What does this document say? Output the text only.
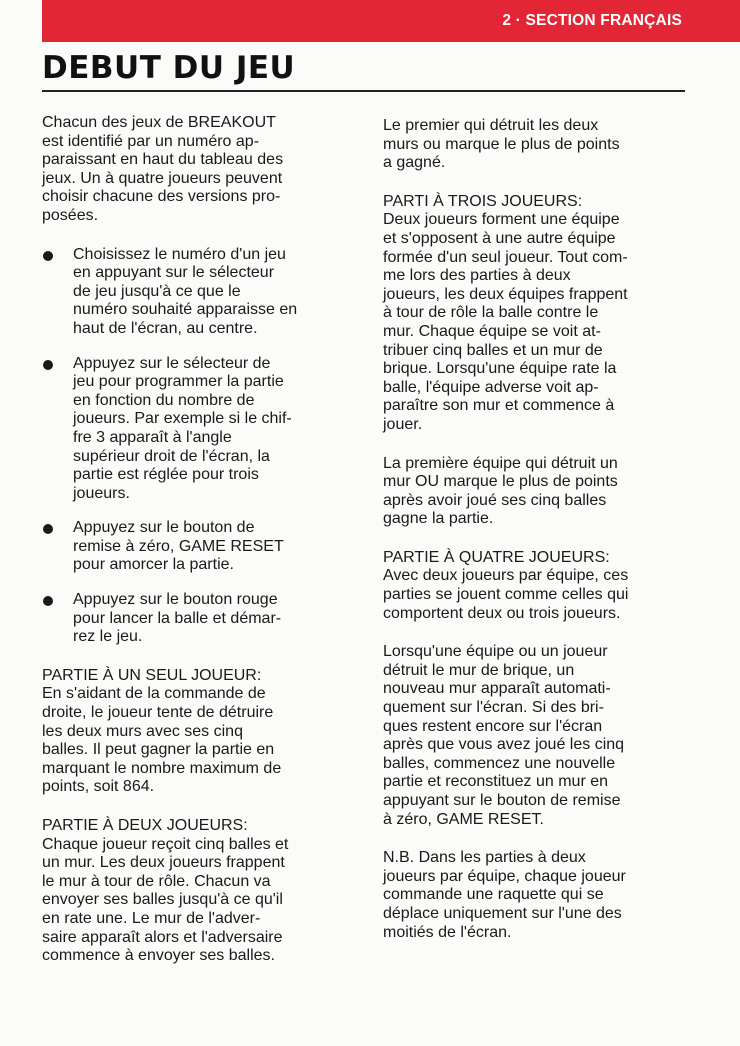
2 · SECTION FRANÇAIS
DEBUT DU JEU

Chacun des jeux de BREAKOUT
est identifié par un numéro ap-
paraissant en haut du tableau des
jeux. Un à quatre joueurs peuvent
choisir chacune des versions pro-
posées.

Choisissez le numéro d'un jeu
en appuyant sur le sélecteur
de jeu jusqu'à ce que le
numéro souhaité apparaisse en
haut de l'écran, au centre.
Appuyez sur le sélecteur de
jeu pour programmer la partie
en fonction du nombre de
joueurs. Par exemple si le chif-
fre 3 apparaît à l'angle
supérieur droit de l'écran, la
partie est réglée pour trois
joueurs.
Appuyez sur le bouton de
remise à zéro, GAME RESET
pour amorcer la partie.
Appuyez sur le bouton rouge
pour lancer la balle et démar-
rez le jeu.
PARTIE À UN SEUL JOUEUR:

En s'aidant de la commande de
droite, le joueur tente de détruire
les deux murs avec ses cinq
balles. Il peut gagner la partie en
marquant le nombre maximum de
points, soit 864.

PARTIE À DEUX JOUEURS:

Chaque joueur reçoit cinq balles et
un mur. Les deux joueurs frappent
le mur à tour de rôle. Chacun va
envoyer ses balles jusqu'à ce qu'il
en rate une. Le mur de l'adver-
saire apparaît alors et l'adversaire
commence à envoyer ses balles.

Le premier qui détruit les deux
murs ou marque le plus de points
a gagné.

PARTI À TROIS JOUEURS:

Deux joueurs forment une équipe
et s'opposent à une autre équipe
formée d'un seul joueur. Tout com-
me lors des parties à deux
joueurs, les deux équipes frappent
à tour de rôle la balle contre le
mur. Chaque équipe se voit at-
tribuer cinq balles et un mur de
brique. Lorsqu'une équipe rate la
balle, l'équipe adverse voit ap-
paraître son mur et commence à
jouer.

La première équipe qui détruit un
mur OU marque le plus de points
après avoir joué ses cinq balles
gagne la partie.

PARTIE À QUATRE JOUEURS:

Avec deux joueurs par équipe, ces
parties se jouent comme celles qui
comportent deux ou trois joueurs.

Lorsqu'une équipe ou un joueur
détruit le mur de brique, un
nouveau mur apparaît automati-
quement sur l'écran. Si des bri-
ques restent encore sur l'écran
après que vous avez joué les cinq
balles, commencez une nouvelle
partie et reconstituez un mur en
appuyant sur le bouton de remise
à zéro, GAME RESET.

N.B. Dans les parties à deux
joueurs par équipe, chaque joueur
commande une raquette qui se
déplace uniquement sur l'une des
moitiés de l'écran.
